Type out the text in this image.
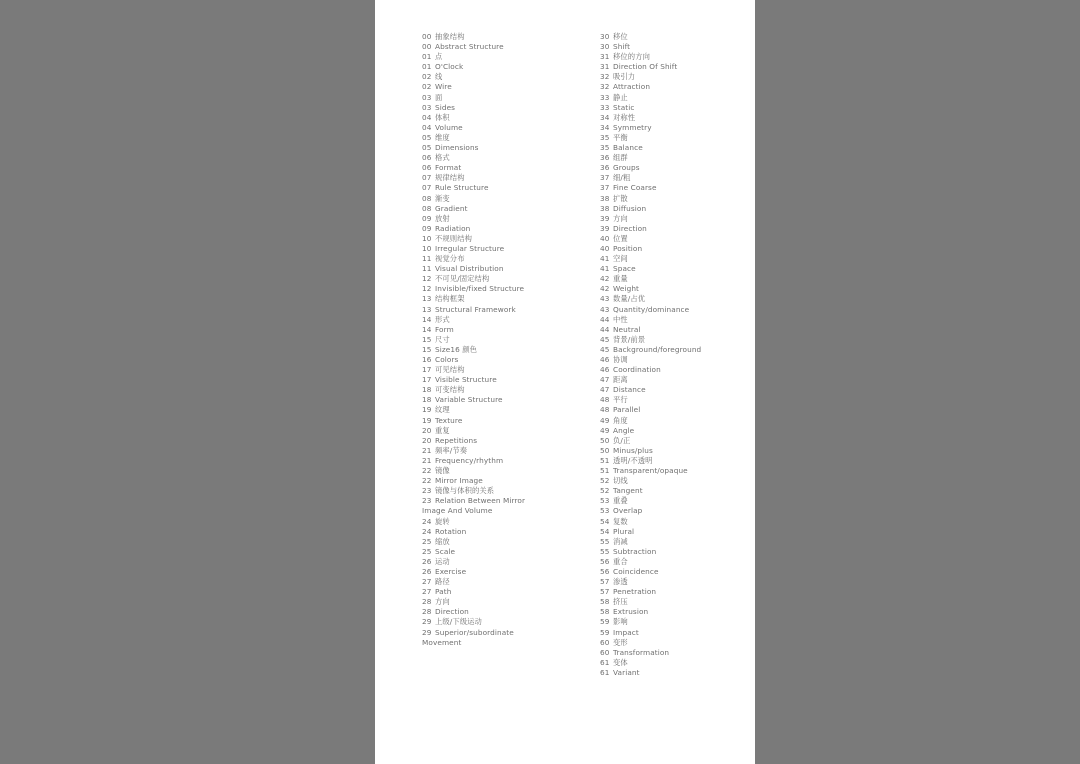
00 抽象结构
00 Abstract Structure
01 点
01 O'Clock
02 线
02 Wire
03 面
03 Sides
04 体积
04 Volume
05 维度
05 Dimensions
06 格式
06 Format
07 规律结构
07 Rule Structure
08 渐变
08 Gradient
09 放射
09 Radiation
10 不规则结构
10 Irregular Structure
11 视觉分布
11 Visual Distribution
12 不可见/固定结构
12 Invisible/fixed Structure
13 结构框架
13 Structural Framework
14 形式
14 Form
15 尺寸
15 Size16 颜色
16 Colors
17 可见结构
17 Visible Structure
18 可变结构
18 Variable Structure
19 纹理
19 Texture
20 重复
20 Repetitions
21 频率/节奏
21 Frequency/rhythm
22 镜像
22 Mirror Image
23 镜像与体积的关系
23 Relation Between Mirror
Image And Volume
24 旋转
24 Rotation
25 缩放
25 Scale
26 运动
26 Exercise
27 路径
27 Path
28 方向
28 Direction
29 上级/下级运动
29 Superior/subordinate
Movement
30 移位
30 Shift
31 移位的方向
31 Direction Of Shift
32 吸引力
32 Attraction
33 静止
33 Static
34 对称性
34 Symmetry
35 平衡
35 Balance
36 组群
36 Groups
37 细/粗
37 Fine Coarse
38 扩散
38 Diffusion
39 方向
39 Direction
40 位置
40 Position
41 空间
41 Space
42 重量
42 Weight
43 数量/占优
43 Quantity/dominance
44 中性
44 Neutral
45 背景/前景
45 Background/foreground
46 协调
46 Coordination
47 距离
47 Distance
48 平行
48 Parallel
49 角度
49 Angle
50 负/正
50 Minus/plus
51 透明/不透明
51 Transparent/opaque
52 切线
52 Tangent
53 重叠
53 Overlap
54 复数
54 Plural
55 消减
55 Subtraction
56 重合
56 Coincidence
57 渗透
57 Penetration
58 挤压
58 Extrusion
59 影响
59 Impact
60 变形
60 Transformation
61 变体
61 Variant
